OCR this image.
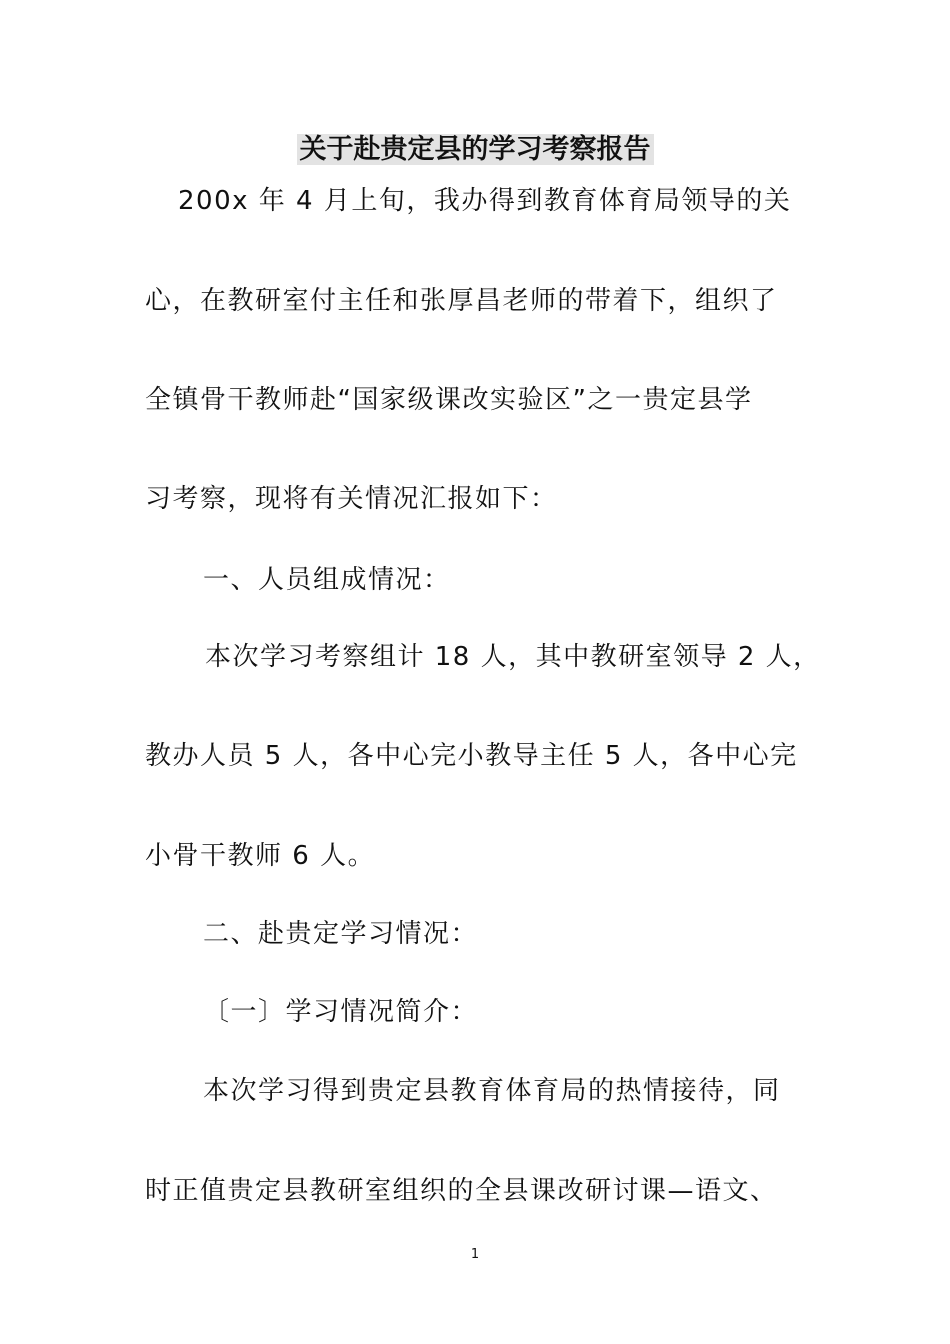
关于赴贵定县的学习考察报告
200x 年 4 月上旬，我办得到教育体育局领导的关
心，在教研室付主任和张厚昌老师的带着下，组织了
全镇骨干教师赴“国家级课改实验区”之一贵定县学
习考察，现将有关情况汇报如下：
一、人员组成情况：
本次学习考察组计 18 人，其中教研室领导 2 人，
教办人员 5 人，各中心完小教导主任 5 人，各中心完
小骨干教师 6 人。
二、赴贵定学习情况：
〔一〕学习情况简介：
本次学习得到贵定县教育体育局的热情接待，同
时正值贵定县教研室组织的全县课改研讨课—语文、
1
